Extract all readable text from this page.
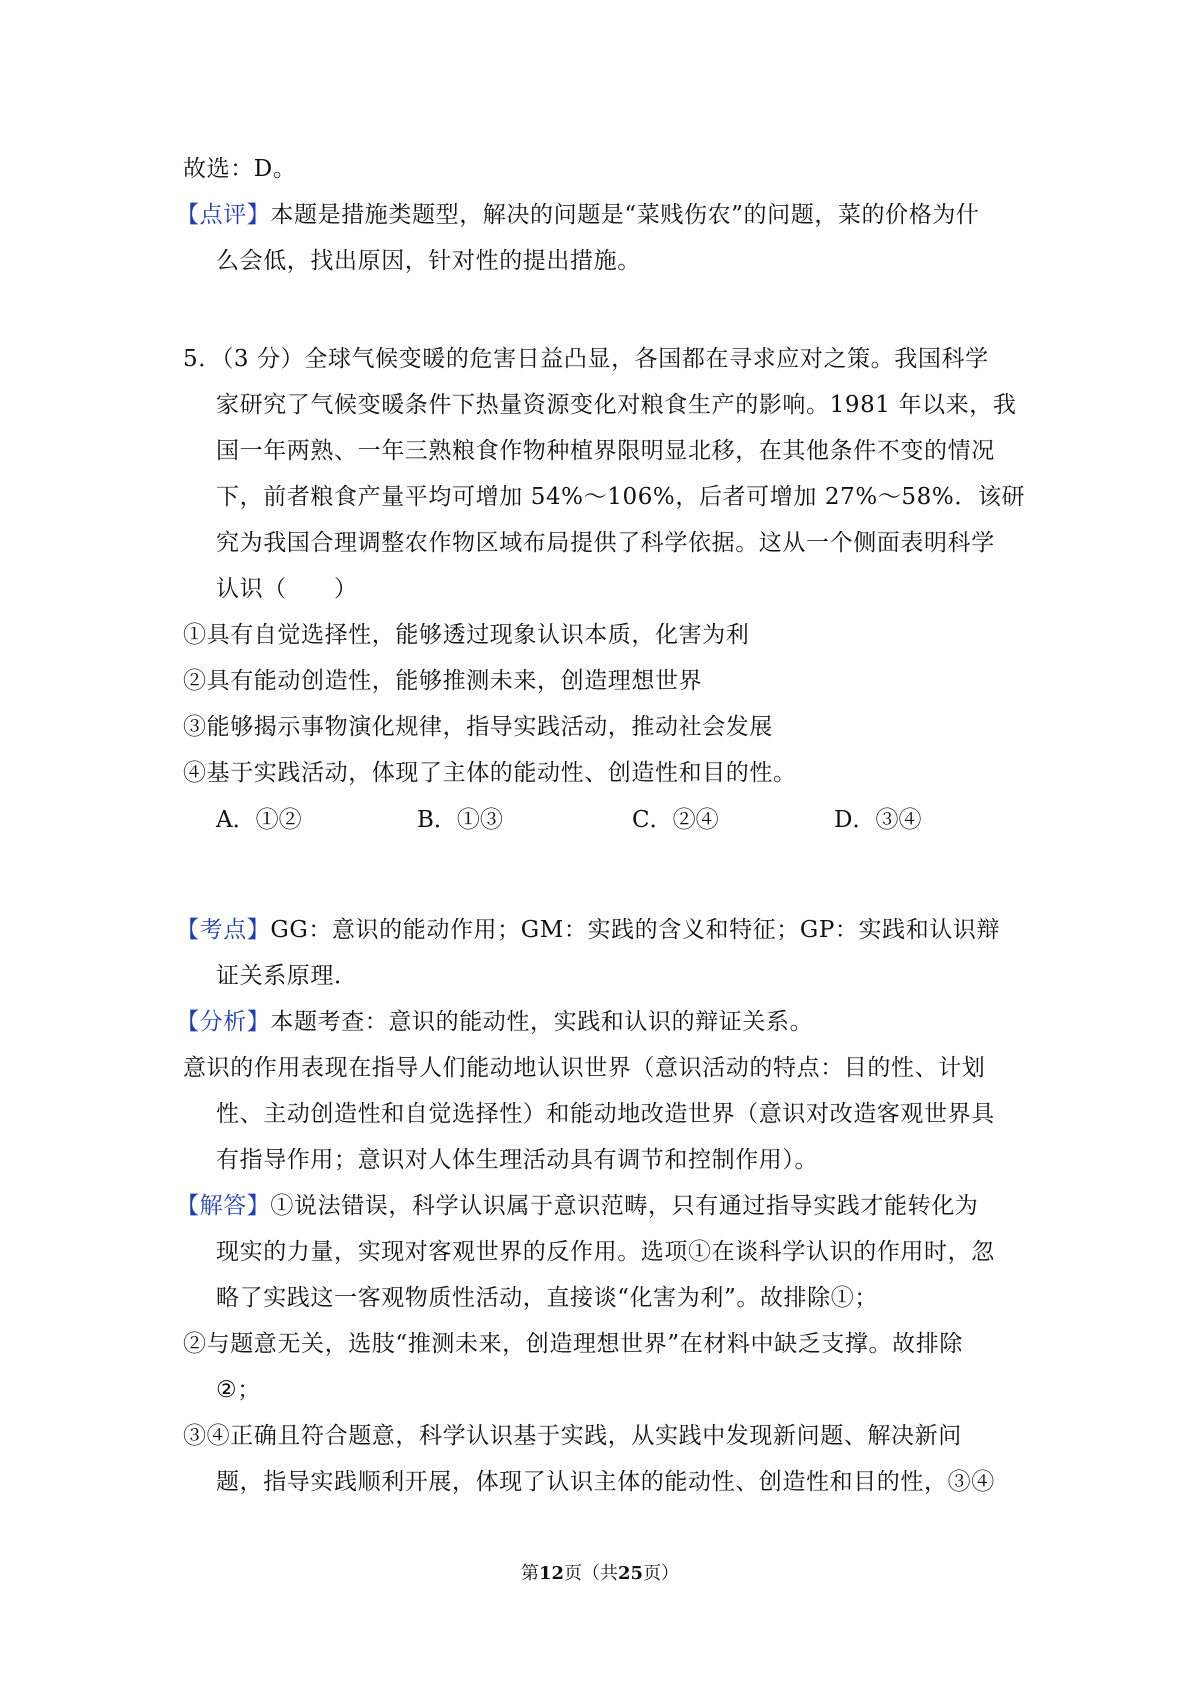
故选：D。
【点评】本题是措施类题型，解决的问题是“菜贱伤农”的问题，菜的价格为什
么会低，找出原因，针对性的提出措施。
5．（3 分）全球气候变暖的危害日益凸显，各国都在寻求应对之策。我国科学
家研究了气候变暖条件下热量资源变化对粮食生产的影响。1981 年以来，我
国一年两熟、一年三熟粮食作物种植界限明显北移，在其他条件不变的情况
下，前者粮食产量平均可增加 54%～106%，后者可增加 27%～58%．该研
究为我国合理调整农作物区域布局提供了科学依据。这从一个侧面表明科学
认识（　　）
①具有自觉选择性，能够透过现象认识本质，化害为利
②具有能动创造性，能够推测未来，创造理想世界
③能够揭示事物演化规律，指导实践活动，推动社会发展
④基于实践活动，体现了主体的能动性、创造性和目的性。
A．①②	B．①③	C．②④	D．③④
【考点】GG：意识的能动作用；GM：实践的含义和特征；GP：实践和认识辩
证关系原理．
【分析】本题考查：意识的能动性，实践和认识的辩证关系。
意识的作用表现在指导人们能动地认识世界（意识活动的特点：目的性、计划
性、主动创造性和自觉选择性）和能动地改造世界（意识对改造客观世界具
有指导作用；意识对人体生理活动具有调节和控制作用）。
【解答】①说法错误，科学认识属于意识范畴，只有通过指导实践才能转化为
现实的力量，实现对客观世界的反作用。选项①在谈科学认识的作用时，忽
略了实践这一客观物质性活动，直接谈“化害为利”。故排除①；
②与题意无关，选肢“推测未来，创造理想世界”在材料中缺乏支撑。故排除
②；
③④正确且符合题意，科学认识基于实践，从实践中发现新问题、解决新问
题，指导实践顺利开展，体现了认识主体的能动性、创造性和目的性，③④
第12页（共25页）
